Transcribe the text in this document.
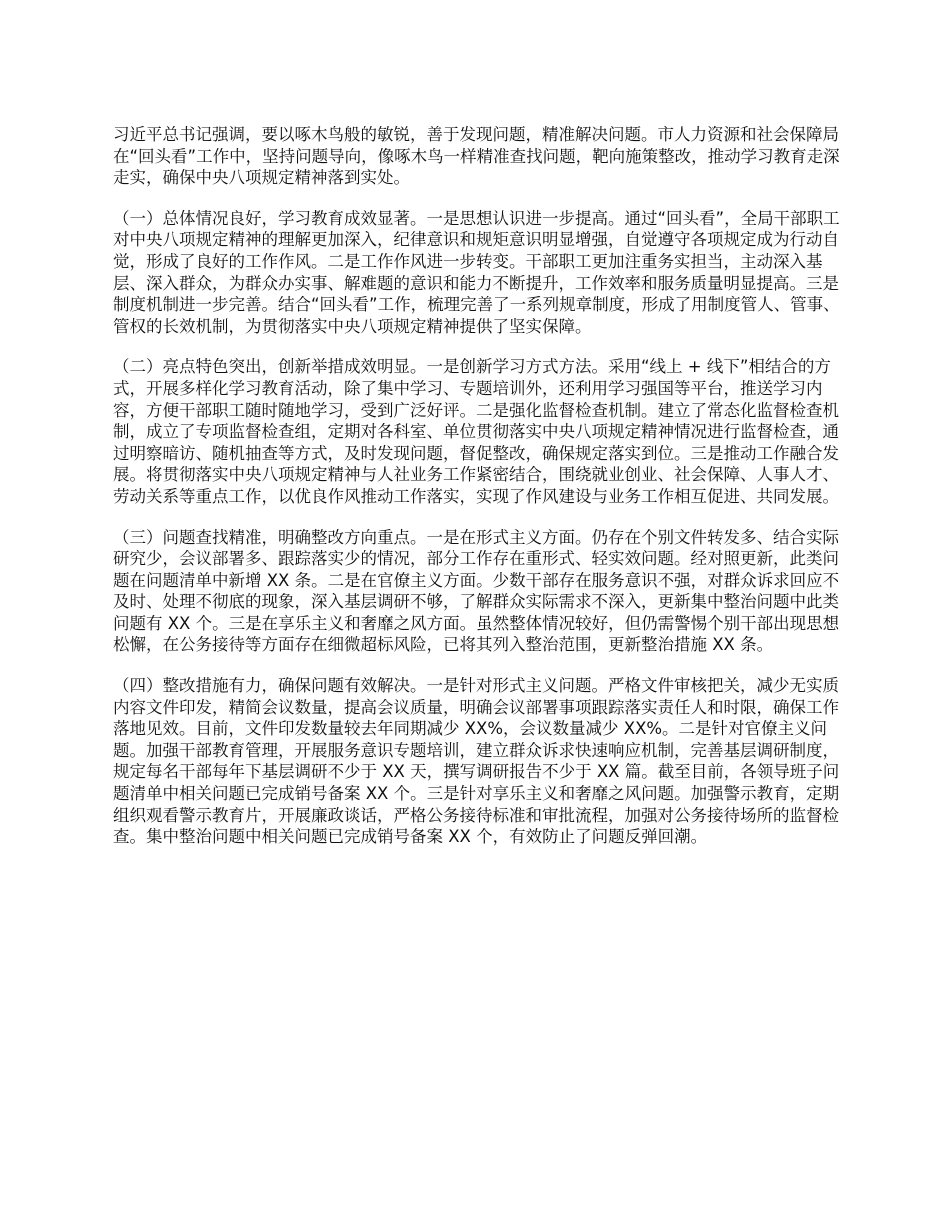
习近平总书记强调，要以啄木鸟般的敏锐，善于发现问题，精准解决问题。市人力资源和社会保障局在“回头看”工作中，坚持问题导向，像啄木鸟一样精准查找问题，靶向施策整改，推动学习教育走深走实，确保中央八项规定精神落到实处。

（一）总体情况良好，学习教育成效显著。一是思想认识进一步提高。通过“回头看”，全局干部职工对中央八项规定精神的理解更加深入，纪律意识和规矩意识明显增强，自觉遵守各项规定成为行动自觉，形成了良好的工作作风。二是工作作风进一步转变。干部职工更加注重务实担当，主动深入基层、深入群众，为群众办实事、解难题的意识和能力不断提升，工作效率和服务质量明显提高。三是制度机制进一步完善。结合“回头看”工作，梳理完善了一系列规章制度，形成了用制度管人、管事、管权的长效机制，为贯彻落实中央八项规定精神提供了坚实保障。

（二）亮点特色突出，创新举措成效明显。一是创新学习方式方法。采用“线上 + 线下”相结合的方式，开展多样化学习教育活动，除了集中学习、专题培训外，还利用学习强国等平台，推送学习内容，方便干部职工随时随地学习，受到广泛好评。二是强化监督检查机制。建立了常态化监督检查机制，成立了专项监督检查组，定期对各科室、单位贯彻落实中央八项规定精神情况进行监督检查，通过明察暗访、随机抽查等方式，及时发现问题，督促整改，确保规定落实到位。三是推动工作融合发展。将贯彻落实中央八项规定精神与人社业务工作紧密结合，围绕就业创业、社会保障、人事人才、劳动关系等重点工作，以优良作风推动工作落实，实现了作风建设与业务工作相互促进、共同发展。

（三）问题查找精准，明确整改方向重点。一是在形式主义方面。仍存在个别文件转发多、结合实际研究少，会议部署多、跟踪落实少的情况，部分工作存在重形式、轻实效问题。经对照更新，此类问题在问题清单中新增 XX 条。二是在官僚主义方面。少数干部存在服务意识不强，对群众诉求回应不及时、处理不彻底的现象，深入基层调研不够，了解群众实际需求不深入，更新集中整治问题中此类问题有 XX 个。三是在享乐主义和奢靡之风方面。虽然整体情况较好，但仍需警惕个别干部出现思想松懈，在公务接待等方面存在细微超标风险，已将其列入整治范围，更新整治措施 XX 条。

（四）整改措施有力，确保问题有效解决。一是针对形式主义问题。严格文件审核把关，减少无实质内容文件印发，精简会议数量，提高会议质量，明确会议部署事项跟踪落实责任人和时限，确保工作落地见效。目前，文件印发数量较去年同期减少 XX%，会议数量减少 XX%。二是针对官僚主义问题。加强干部教育管理，开展服务意识专题培训，建立群众诉求快速响应机制，完善基层调研制度，规定每名干部每年下基层调研不少于 XX 天，撰写调研报告不少于 XX 篇。截至目前，各领导班子问题清单中相关问题已完成销号备案 XX 个。三是针对享乐主义和奢靡之风问题。加强警示教育，定期组织观看警示教育片，开展廉政谈话，严格公务接待标准和审批流程，加强对公务接待场所的监督检查。集中整治问题中相关问题已完成销号备案 XX 个，有效防止了问题反弹回潮。
